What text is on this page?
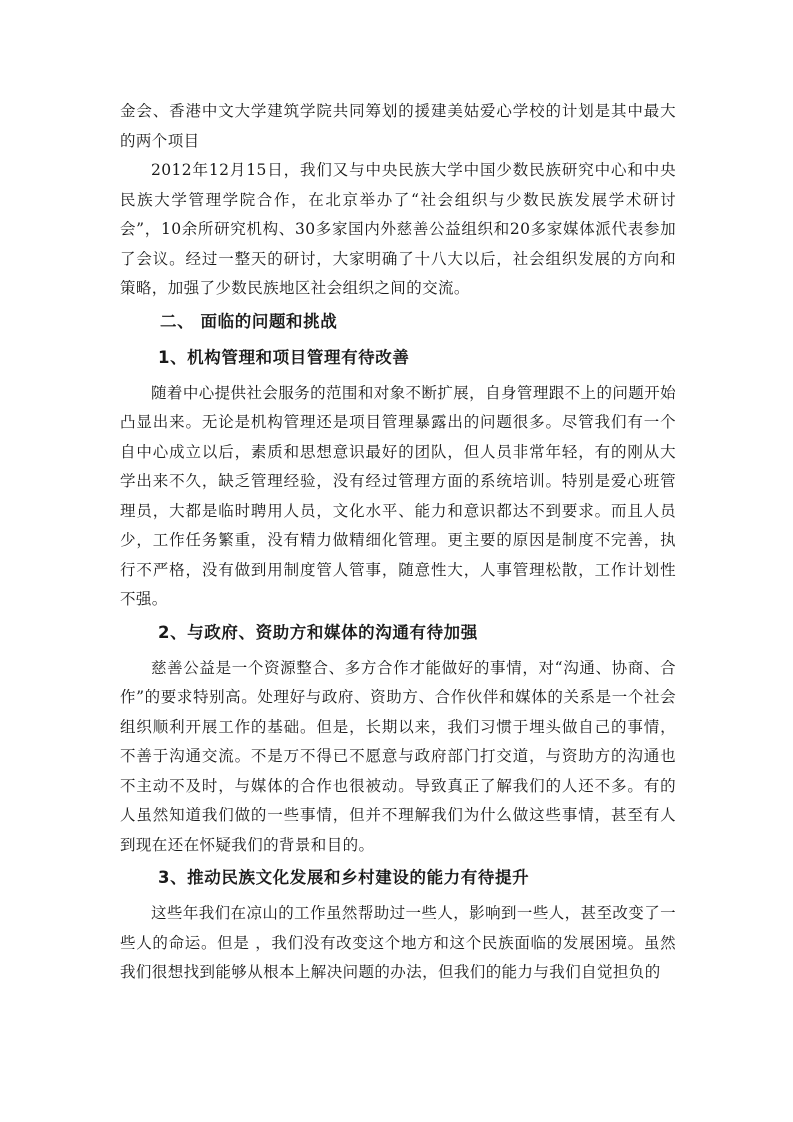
金会、香港中文大学建筑学院共同筹划的援建美姑爱心学校的计划是其中最大的两个项目

2012年12月15日，我们又与中央民族大学中国少数民族研究中心和中央民族大学管理学院合作，在北京举办了“社会组织与少数民族发展学术研讨会”，10余所研究机构、30多家国内外慈善公益组织和20多家媒体派代表参加了会议。经过一整天的研讨，大家明确了十八大以后，社会组织发展的方向和策略，加强了少数民族地区社会组织之间的交流。

二、 面临的问题和挑战
1、机构管理和项目管理有待改善

随着中心提供社会服务的范围和对象不断扩展，自身管理跟不上的问题开始凸显出来。无论是机构管理还是项目管理暴露出的问题很多。尽管我们有一个自中心成立以后，素质和思想意识最好的团队，但人员非常年轻，有的刚从大学出来不久，缺乏管理经验，没有经过管理方面的系统培训。特别是爱心班管理员，大都是临时聘用人员，文化水平、能力和意识都达不到要求。而且人员少，工作任务繁重，没有精力做精细化管理。更主要的原因是制度不完善，执行不严格，没有做到用制度管人管事，随意性大，人事管理松散，工作计划性不强。

2、与政府、资助方和媒体的沟通有待加强

慈善公益是一个资源整合、多方合作才能做好的事情，对“沟通、协商、合作”的要求特别高。处理好与政府、资助方、合作伙伴和媒体的关系是一个社会组织顺利开展工作的基础。但是，长期以来，我们习惯于埋头做自己的事情，不善于沟通交流。不是万不得已不愿意与政府部门打交道，与资助方的沟通也不主动不及时，与媒体的合作也很被动。导致真正了解我们的人还不多。有的人虽然知道我们做的一些事情，但并不理解我们为什么做这些事情，甚至有人到现在还在怀疑我们的背景和目的。

3、推动民族文化发展和乡村建设的能力有待提升

这些年我们在凉山的工作虽然帮助过一些人，影响到一些人，甚至改变了一些人的命运。但是 ，我们没有改变这个地方和这个民族面临的发展困境。虽然我们很想找到能够从根本上解决问题的办法，但我们的能力与我们自觉担负的
